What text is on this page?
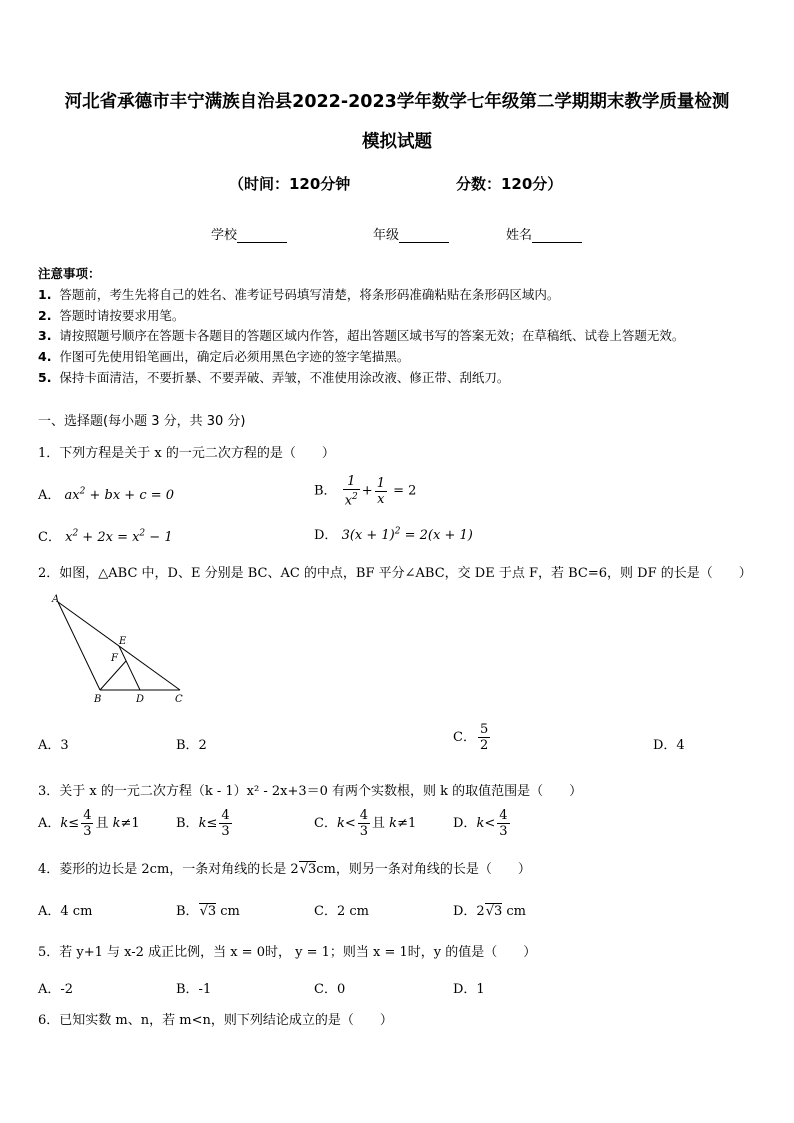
河北省承德市丰宁满族自治县2022-2023学年数学七年级第二学期期末教学质量检测
模拟试题
（时间：120分钟	分数：120分）
学校	年级	姓名
注意事项：
1. 答题前，考生先将自己的姓名、准考证号码填写清楚，将条形码准确粘贴在条形码区域内。
2. 答题时请按要求用笔。
3. 请按照题号顺序在答题卡各题目的答题区域内作答，超出答题区域书写的答案无效；在草稿纸、试卷上答题无效。
4. 作图可先使用铅笔画出，确定后必须用黑色字迹的签字笔描黑。
5. 保持卡面清洁，不要折暴、不要弄破、弄皱，不准使用涂改液、修正带、刮纸刀。
一、选择题(每小题 3 分，共 30 分)
1．下列方程是关于 x 的一元二次方程的是（　　）
A． $ax^2$ + bx + c = 0	B． $\frac{1}{x^2} + \frac{1}{x} = 2$
C． $x^2 + 2x = x^2 - 1$	D． $3(x + 1)^2 = 2(x + 1)$
2．如图，△ABC 中，D、E 分别是 BC、AC 的中点，BF 平分∠ABC，交 DE 于点 F，若 BC=6，则 DF 的长是（　　）
A
B	D	C
E
F
A．3	B．2
C． $\frac{5}{2}$	D．4
3．关于 x 的一元二次方程（k - 1）x² - 2x+3＝0 有两个实数根，则 k 的取值范围是（　　）
A．$k\le \frac{4}{3}$ 且 k≠1	B．$k\le \frac{4}{3}$	C．$k< \frac{4}{3}$ 且 k≠1	D．$k< \frac{4}{3}$
4．菱形的边长是 2cm，一条对角线的长是 2√3cm，则另一条对角线的长是（　　）
A．4 cm	B．√3 cm	C．2 cm	D．2√3 cm
5．若 y+1 与 x-2 成正比例，当 x = 0时， y = 1；则当 x = 1时，y 的值是（　　）
A．-2	B．-1	C．0	D．1
6．已知实数 m、n，若 m<n，则下列结论成立的是（　　）
